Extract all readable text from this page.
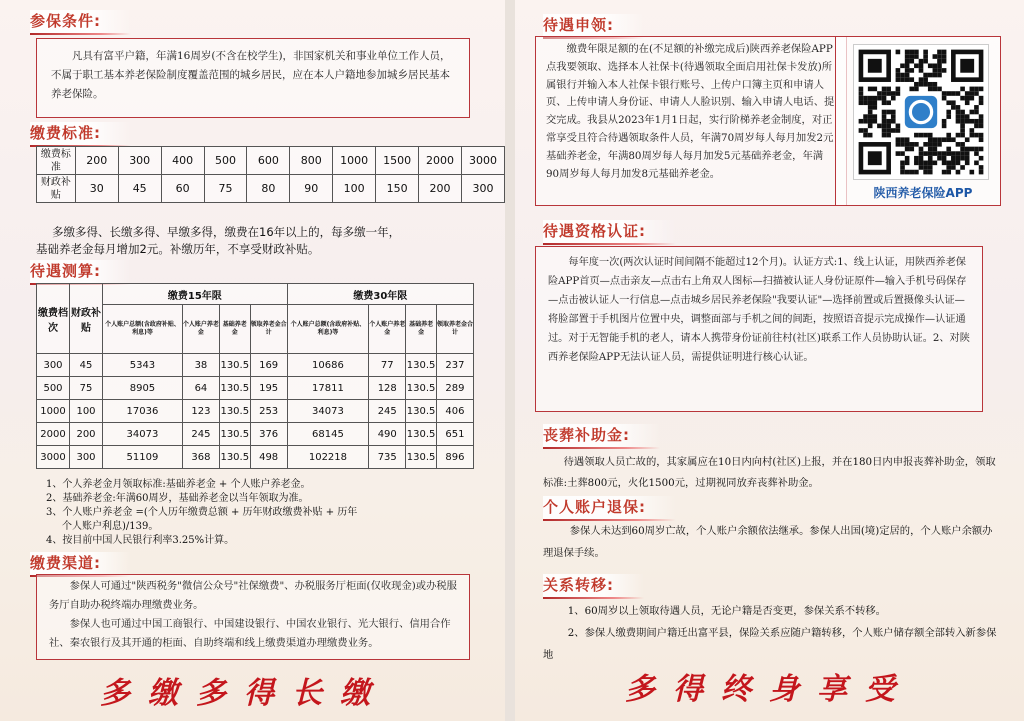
参保条件:
凡具有富平户籍，年满16周岁(不含在校学生)，非国家机关和事业单位工作人员，不属于职工基本养老保险制度覆盖范围的城乡居民，应在本人户籍地参加城乡居民基本养老保险。
缴费标准:
缴费标准	200	300	400	500	600	800	1000	1500	2000	3000
财政补贴	30	45	60	75	80	90	100	150	200	300
多缴多得、长缴多得、早缴多得，缴费在16年以上的，每多缴一年，
基础养老金每月增加2元。补缴历年，不享受财政补贴。
待遇测算:
缴费档次	财政补贴	缴费15年限				缴费30年限			
		个人账户总额(含政府补贴、利息)等	个人账户养老金	基础养老金	领取养老金合计	个人账户总额(含政府补贴、利息)等	个人账户养老金	基础养老金	领取养老金合计
300	45	5343	38	130.5	169	10686	77	130.5	237
500	75	8905	64	130.5	195	17811	128	130.5	289
1000	100	17036	123	130.5	253	34073	245	130.5	406
2000	200	34073	245	130.5	376	68145	490	130.5	651
3000	300	51109	368	130.5	498	102218	735	130.5	896
1、个人养老金月领取标准:基础养老金 + 个人账户养老金。
2、基础养老金:年满60周岁，基础养老金以当年领取为准。
3、个人账户养老金 =(个人历年缴费总额 + 历年财政缴费补贴 + 历年
个人账户利息)/139。
4、按目前中国人民银行利率3.25%计算。
缴费渠道:
参保人可通过"陕西税务"微信公众号"社保缴费"、办税服务厅柜面(仅收现金)或办税服务厅自助办税终端办理缴费业务。
参保人也可通过中国工商银行、中国建设银行、中国农业银行、光大银行、信用合作社、秦农银行及其开通的柜面、自助终端和线上缴费渠道办理缴费业务。
多缴多得长缴
待遇申领:
缴费年限足额的在(不足额的补缴完成后)陕西养老保险APP点我要领取、选择本人社保卡(待遇领取全面启用社保卡发放)所属银行并输入本人社保卡银行账号、上传户口簿主页和申请人页、上传申请人身份证、申请人人脸识别、输入申请人电话、提交完成。我县从2023年1月1日起，实行阶梯养老金制度，对正常享受且符合待遇领取条件人员，年满70周岁每人每月加发2元基础养老金，年满80周岁每人每月加发5元基础养老金，年满90周岁每人每月加发8元基础养老金。
陕西养老保险APP
待遇资格认证:
每年度一次(两次认证时间间隔不能超过12个月)。认证方式:1、线上认证，用陕西养老保险APP首页—点击亲友—点击右上角双人图标—扫描被认证人身份证原件—输入手机号码保存—点击被认证人一行信息—点击城乡居民养老保险"我要认证"—选择前置或后置摄像头认证—将脸部置于手机图片位置中央，调整面部与手机之间的间距，按照语音提示完成操作—认证通过。对于无智能手机的老人，请本人携带身份证前往村(社区)联系工作人员协助认证。2、对陕西养老保险APP无法认证人员，需提供证明进行核心认证。
丧葬补助金:
待遇领取人员亡故的，其家属应在10日内向村(社区)上报，并在180日内申报丧葬补助金，领取标准:土葬800元，火化1500元，过期视同放弃丧葬补助金。
个人账户退保:
参保人未达到60周岁亡故，个人账户余额依法继承。参保人出国(境)定居的，个人账户余额办理退保手续。
关系转移:
1、60周岁以上领取待遇人员，无论户籍是否变更，参保关系不转移。
2、参保人缴费期间户籍迁出富平县，保险关系应随户籍转移，个人账户储存额全部转入新参保地
多得终身享受
